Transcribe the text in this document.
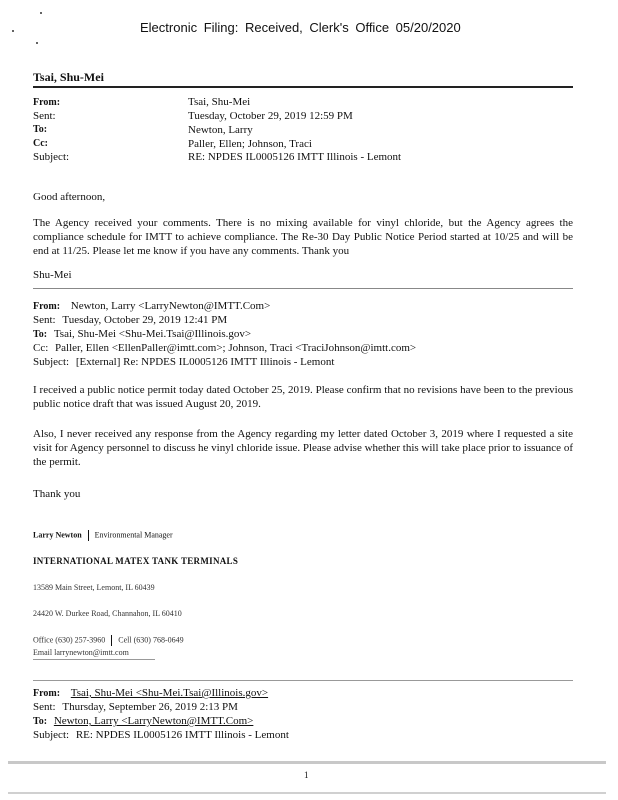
Electronic Filing: Received, Clerk's Office 05/20/2020
Tsai, Shu-Mei
From:	Tsai, Shu-Mei
Sent:	Tuesday, October 29, 2019 12:59 PM
To:	Newton, Larry
Cc:	Paller, Ellen; Johnson, Traci
Subject:	RE: NPDES IL0005126 IMTT Illinois - Lemont
Good afternoon,
The Agency received your comments. There is no mixing available for vinyl chloride, but the Agency agrees the compliance schedule for IMTT to achieve compliance. The Re-30 Day Public Notice Period started at 10/25 and will be end at 11/25. Please let me know if you have any comments. Thank you
Shu-Mei
From: Newton, Larry <LarryNewton@IMTT.Com>
Sent: Tuesday, October 29, 2019 12:41 PM
To: Tsai, Shu-Mei <Shu-Mei.Tsai@Illinois.gov>
Cc: Paller, Ellen <EllenPaller@imtt.com>; Johnson, Traci <TraciJohnson@imtt.com>
Subject: [External] Re: NPDES IL0005126 IMTT Illinois - Lemont
I received a public notice permit today dated October 25, 2019. Please confirm that no revisions have been to the previous public notice draft that was issued August 20, 2019.
Also, I never received any response from the Agency regarding my letter dated October 3, 2019 where I requested a site visit for Agency personnel to discuss he vinyl chloride issue. Please advise whether this will take place prior to issuance of the permit.
Thank you
Larry Newton Environmental Manager
INTERNATIONAL MATEX TANK TERMINALS
13589 Main Street, Lemont, IL 60439
24420 W. Durkee Road, Channahon, IL 60410
Office (630) 257-3960 Cell (630) 768-0649
Email larrynewton@imtt.com
From: Tsai, Shu-Mei <Shu-Mei.Tsai@Illinois.gov>
Sent: Thursday, September 26, 2019 2:13 PM
To: Newton, Larry <LarryNewton@IMTT.Com>
Subject: RE: NPDES IL0005126 IMTT Illinois - Lemont
1
